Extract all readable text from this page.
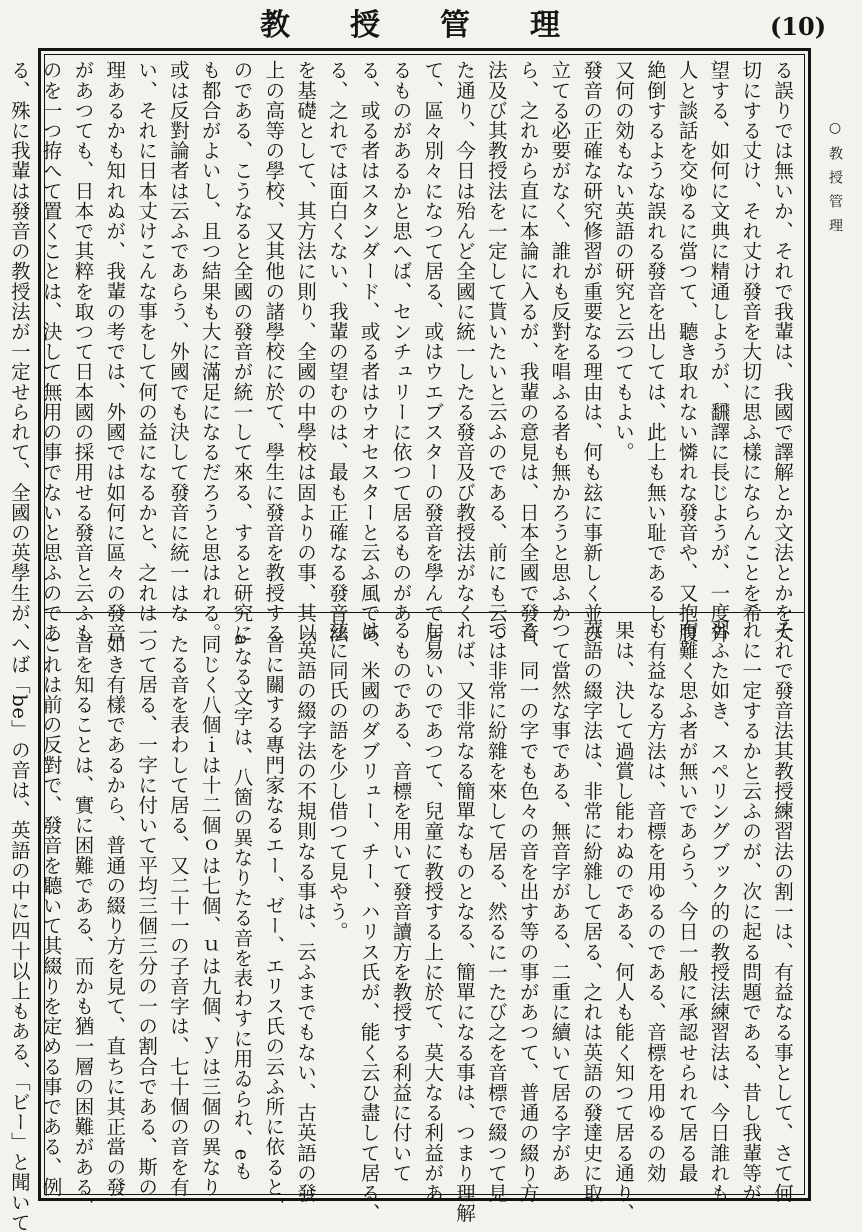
教授管理	(10)
○教授管理
る誤りでは無いか、それで我輩は、我國で譯解とか文法とかを大
切にする丈け、それ丈け發音を大切に思ふ樣にならんことを希
望する、如何に文典に精通しようが、飜譯に長じようが、一度外
人と談話を交ゆるに當つて、聽き取れない憐れな發音や、又抱腹
絶倒するような誤れる發音を出しては、此上も無い耻であるし、
又何の効もない英語の研究と云つてもよい。
發音の正確な研究修習が重要なる理由は、何も玆に事新しく並び
立てる必要がなく、誰れも反對を唱ふる者も無かろうと思ふか
ら、之れから直に本論に入るが、我輩の意見は、日本全國で發音
法及び其教授法を一定して貰いたいと云ふのである、前にも云つ
た通り、今日は殆んど全國に統一したる發音及び教授法がなく
て、區々別々になつて居る、或はウエブスターの發音を學んで居
るものがあるかと思へば、センチュリーに依つて居るものがあ
る、或る者はスタンダード、或る者はウオセスターと云ふ風であ
る、之れでは面白くない、我輩の望むのは、最も正確なる發音法
を基礎として、其方法に則り、全國の中學校は固よりの事、其以
上の高等の學校、又其他の諸學校に於て、學生に發音を教授する
のである、こうなると全國の發音が統一して來る、すると研究に
も都合がよいし、且つ結果も大に滿足になるだろうと思はれる。
或は反對論者は云ふであらう、外國でも決して發音に統一はな
い、それに日本丈けこんな事をして何の益になるかと、之れは一
理あるかも知れぬが、我輩の考では、外國では如何に區々の發音
があつても、日本で其粹を取つて日本國の採用せる發音と云ふも
のを一つ拵へて置くことは、決して無用の事でないと思ふのであ
る、殊に我輩は發音の教授法が一定せられて、全國の英學生が、
それで發音法其教授練習法の割一は、有益なる事として、さて何
れに一定するかと云ふのが、次に起る問題である、昔し我輩等が
習ふた如き、スペリングブック的の教授法練習法は、今日誰れも
有難く思ふ者が無いであらう、今日一般に承認せられて居る最
も有益なる方法は、音標を用ゆるのである、音標を用ゆるの効
果は、決して過賞し能わぬのである、何人も能く知つて居る通り、
英語の綴字法は、非常に紛雜して居る、之れは英語の發達史に取
つて當然な事である、無音字がある、二重に續いて居る字があ
る、同一の字でも色々の音を出す等の事があつて、普通の綴り方
では非常に紛雜を來して居る、然るに一たび之を音標で綴つて見
れば、又非常なる簡單なものとなる、簡單になる事は、つまり理解
し易いのであつて、兒童に教授する上に於て、莫大なる利益があ
るものである、音標を用いて發音讀方を教授する利益に付いて
は、米國のダブリュー、チー、ハリス氏が、能く云ひ盡して居る、
玆に同氏の語を少し借つて見やう。
『英語の綴字法の不規則なる事は、云ふまでもない、古英語の發
音に關する專門家なるエー、ゼー、エリス氏の云ふ所に依ると、
aなる文字は、八箇の異なりたる音を表わすに用ゐられ、eも
同じく八個ｉは十二個ｏは七個、ｕは九個、ｙは三個の異なり
たる音を表わして居る、又二十一の子音字は、七十個の音を有
つて居る、一字に付いて平均三個三分の一の割合である、斯の
如き有樣であるから、普通の綴り方を見て、直ちに其正當の發
音を知ることは、實に困難である、而かも猶一層の困難がある、
これは前の反對で、發音を聽いて其綴りを定める事である、例
へば「be」の音は、英語の中に四十以上もある、「ビー」と聞いて
